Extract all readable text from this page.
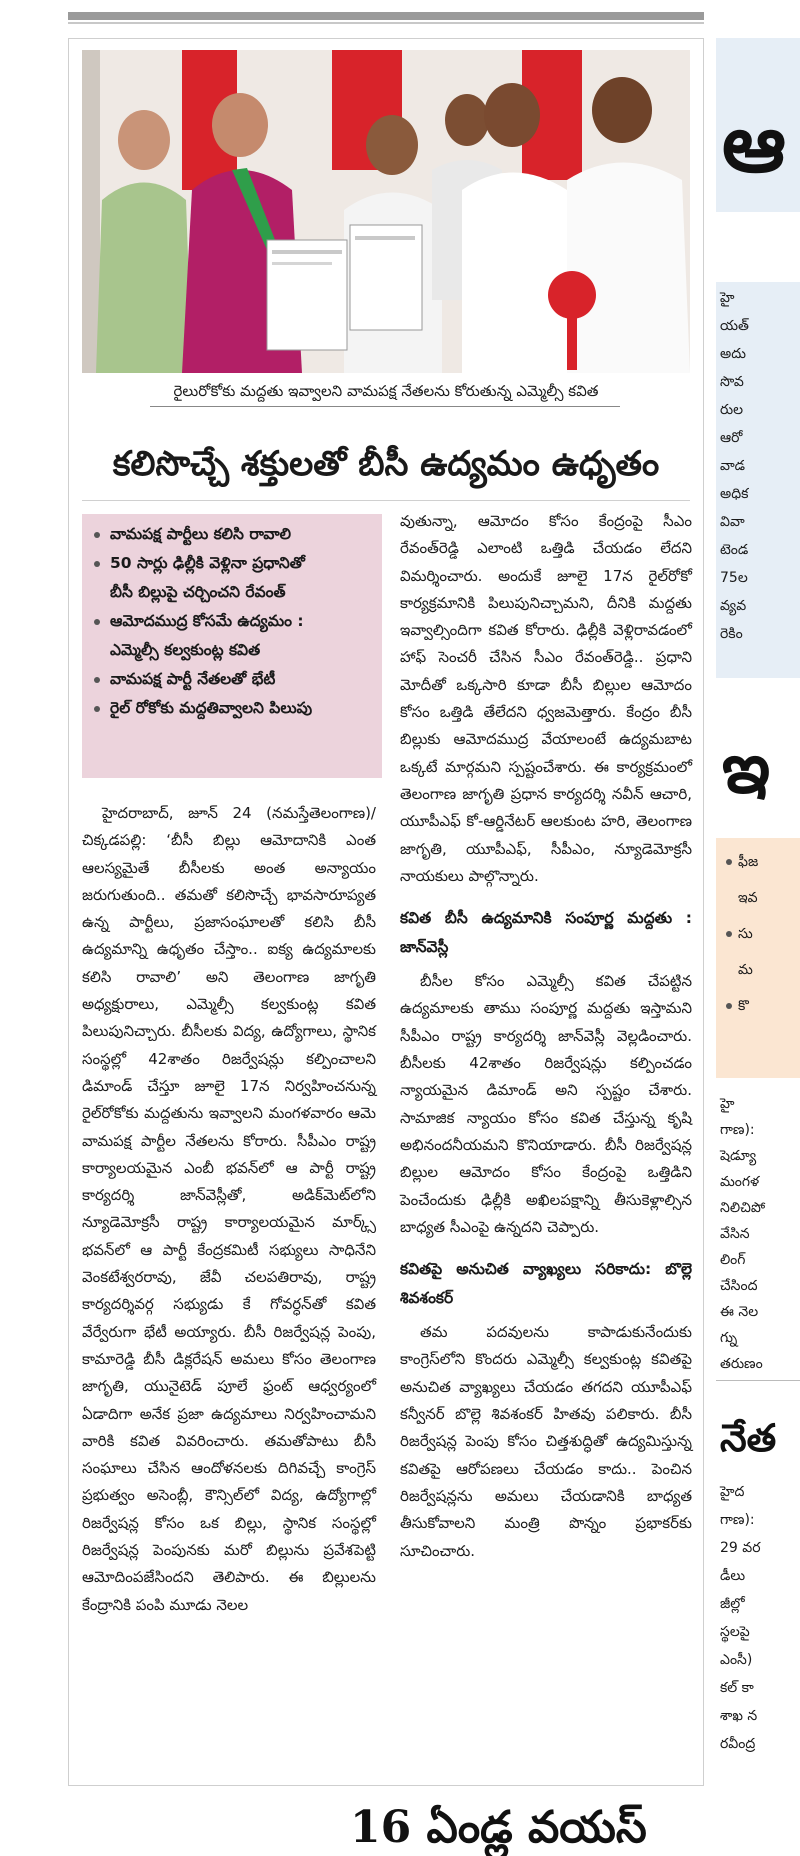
రైలురోకోకు మద్దతు ఇవ్వాలని వామపక్ష నేతలను కోరుతున్న ఎమ్మెల్సీ కవిత
కలిసొచ్చే శక్తులతో బీసీ ఉద్యమం ఉధృతం
వామపక్ష పార్టీలు కలిసి రావాలి
50 సార్లు ఢిల్లీకి వెళ్లినా ప్రధానితో
బీసీ బిల్లుపై చర్చించని రేవంత్
ఆమోదముద్ర కోసమే ఉద్యమం :
ఎమ్మెల్సీ కల్వకుంట్ల కవిత
వామపక్ష పార్టీ నేతలతో భేటీ
రైల్ రోకోకు మద్దతివ్వాలని పిలుపు

హైదరాబాద్, జూన్ 24 (నమస్తేతెలంగాణ)/చిక్కడపల్లి: ‘బీసీ బిల్లు ఆమోదానికి ఎంత ఆలస్యమైతే బీసీలకు అంత అన్యాయం జరుగుతుంది.. తమతో కలిసొచ్చే భావసారూప్యత ఉన్న పార్టీలు, ప్రజాసంఘాలతో కలిసి బీసీ ఉద్యమాన్ని ఉధృతం చేస్తాం.. ఐక్య ఉద్యమాలకు కలిసి రావాలి’ అని తెలంగాణ జాగృతి అధ్యక్షురాలు, ఎమ్మెల్సీ కల్వకుంట్ల కవిత పిలుపునిచ్చారు. బీసీలకు విద్య, ఉద్యోగాలు, స్థానిక సంస్థల్లో 42శాతం రిజర్వేషన్లు కల్పించాలని డిమాండ్ చేస్తూ జూలై 17న నిర్వహించనున్న రైల్‌రోకోకు మద్దతును ఇవ్వాలని మంగళవారం ఆమె వామపక్ష పార్టీల నేతలను కోరారు. సీపీఎం రాష్ట్ర కార్యాలయమైన ఎంబీ భవన్‌లో ఆ పార్టీ రాష్ట్ర కార్యదర్శి జాన్‌వెస్లీతో, అడిక్‌మెట్‌లోని న్యూడెమోక్రసీ రాష్ట్ర కార్యాలయమైన మార్క్స్ భవన్‌లో ఆ పార్టీ కేంద్రకమిటీ సభ్యులు సాధినేని వెంకటేశ్వరరావు, జేవీ చలపతిరావు, రాష్ట్ర కార్యదర్శివర్గ సభ్యుడు కే గోవర్ధన్‌తో కవిత వేర్వేరుగా భేటీ అయ్యారు. బీసీ రిజర్వేషన్ల పెంపు, కామారెడ్డి బీసీ డిక్లరేషన్ అమలు కోసం తెలంగాణ జాగృతి, యునైటెడ్ పూలే ఫ్రంట్ ఆధ్వర్యంలో ఏడాదిగా అనేక ప్రజా ఉద్యమాలు నిర్వహించామని వారికి కవిత వివరించారు. తమతోపాటు బీసీ సంఘాలు చేసిన ఆందోళనలకు దిగివచ్చే కాంగ్రెస్ ప్రభుత్వం అసెంబ్లీ, కౌన్సిల్‌లో విద్య, ఉద్యోగాల్లో రిజర్వేషన్ల కోసం ఒక బిల్లు, స్థానిక సంస్థల్లో రిజర్వేషన్ల పెంపునకు మరో బిల్లును ప్రవేశపెట్టి ఆమోదింపజేసిందని తెలిపారు. ఈ బిల్లులను కేంద్రానికి పంపి మూడు నెలల

వుతున్నా, ఆమోదం కోసం కేంద్రంపై సీఎం రేవంత్‌రెడ్డి ఎలాంటి ఒత్తిడి చేయడం లేదని విమర్శించారు. అందుకే జూలై 17న రైల్‌రోకో కార్యక్రమానికి పిలుపునిచ్చామని, దీనికి మద్దతు ఇవ్వాల్సిందిగా కవిత కోరారు. ఢిల్లీకి వెళ్లిరావడంలో హాఫ్ సెంచరీ చేసిన సీఎం రేవంత్‌రెడ్డి.. ప్రధాని మోదీతో ఒక్కసారి కూడా బీసీ బిల్లుల ఆమోదం కోసం ఒత్తిడి తేలేదని ధ్వజమెత్తారు. కేంద్రం బీసీ బిల్లుకు ఆమోదముద్ర వేయాలంటే ఉద్యమబాట ఒక్కటే మార్గమని స్పష్టంచేశారు. ఈ కార్యక్రమంలో తెలంగాణ జాగృతి ప్రధాన కార్యదర్శి నవీన్ ఆచారి, యూపీఎఫ్ కో-ఆర్డినేటర్ ఆలకుంట హరి, తెలంగాణ జాగృతి, యూపీఎఫ్, సీపీఎం, న్యూడెమోక్రసీ నాయకులు పాల్గొన్నారు.

కవిత బీసీ ఉద్యమానికి సంపూర్ణ మద్దతు : జాన్‌వెస్లీ

బీసీల కోసం ఎమ్మెల్సీ కవిత చేపట్టిన ఉద్యమాలకు తాము సంపూర్ణ మద్దతు ఇస్తామని సీపీఎం రాష్ట్ర కార్యదర్శి జాన్‌వెస్లీ వెల్లడించారు. బీసీలకు 42శాతం రిజర్వేషన్లు కల్పించడం న్యాయమైన డిమాండ్ అని స్పష్టం చేశారు. సామాజిక న్యాయం కోసం కవిత చేస్తున్న కృషి అభినందనీయమని కొనియాడారు. బీసీ రిజర్వేషన్ల బిల్లుల ఆమోదం కోసం కేంద్రంపై ఒత్తిడిని పెంచేందుకు ఢిల్లీకి అఖిలపక్షాన్ని తీసుకెళ్లాల్సిన బాధ్యత సీఎంపై ఉన్నదని చెప్పారు.

కవితపై అనుచిత వ్యాఖ్యలు సరికాదు: బొల్లె శివశంకర్

తమ పదవులను కాపాడుకునేందుకు కాంగ్రెస్‌లోని కొందరు ఎమ్మెల్సీ కల్వకుంట్ల కవితపై అనుచిత వ్యాఖ్యలు చేయడం తగదని యూపీఎఫ్ కన్వీనర్ బొల్లె శివశంకర్ హితవు పలికారు. బీసీ రిజర్వేషన్ల పెంపు కోసం చిత్తశుద్ధితో ఉద్యమిస్తున్న కవితపై ఆరోపణలు చేయడం కాదు.. పెంచిన రిజర్వేషన్లను అమలు చేయడానికి బాధ్యత తీసుకోవాలని మంత్రి పొన్నం ప్రభాకర్‌కు సూచించారు.

ఆ
హై
యత్
అదు
సొవ
రుల
ఆరో
వాడ
అధిక
వివా
టెండ
75ల
వ్యవ
రెకిం
ఇ
ఫీజ
ఇవ
సు
మ
కొ
హై
గాణ):
షెడ్యూ
మంగళ
నిలిచిపో
వేసిన
లింగ్
చేసింద
ఈ నెల
గ్ను
తరుణం
నేత
హైద
గాణ):
29 వర
డీలు
జీల్లో
స్థలపై
ఎంసీ)
కల్ కా
శాఖ న
రవీంద్ర
16 ఏండ్ల వయస్
